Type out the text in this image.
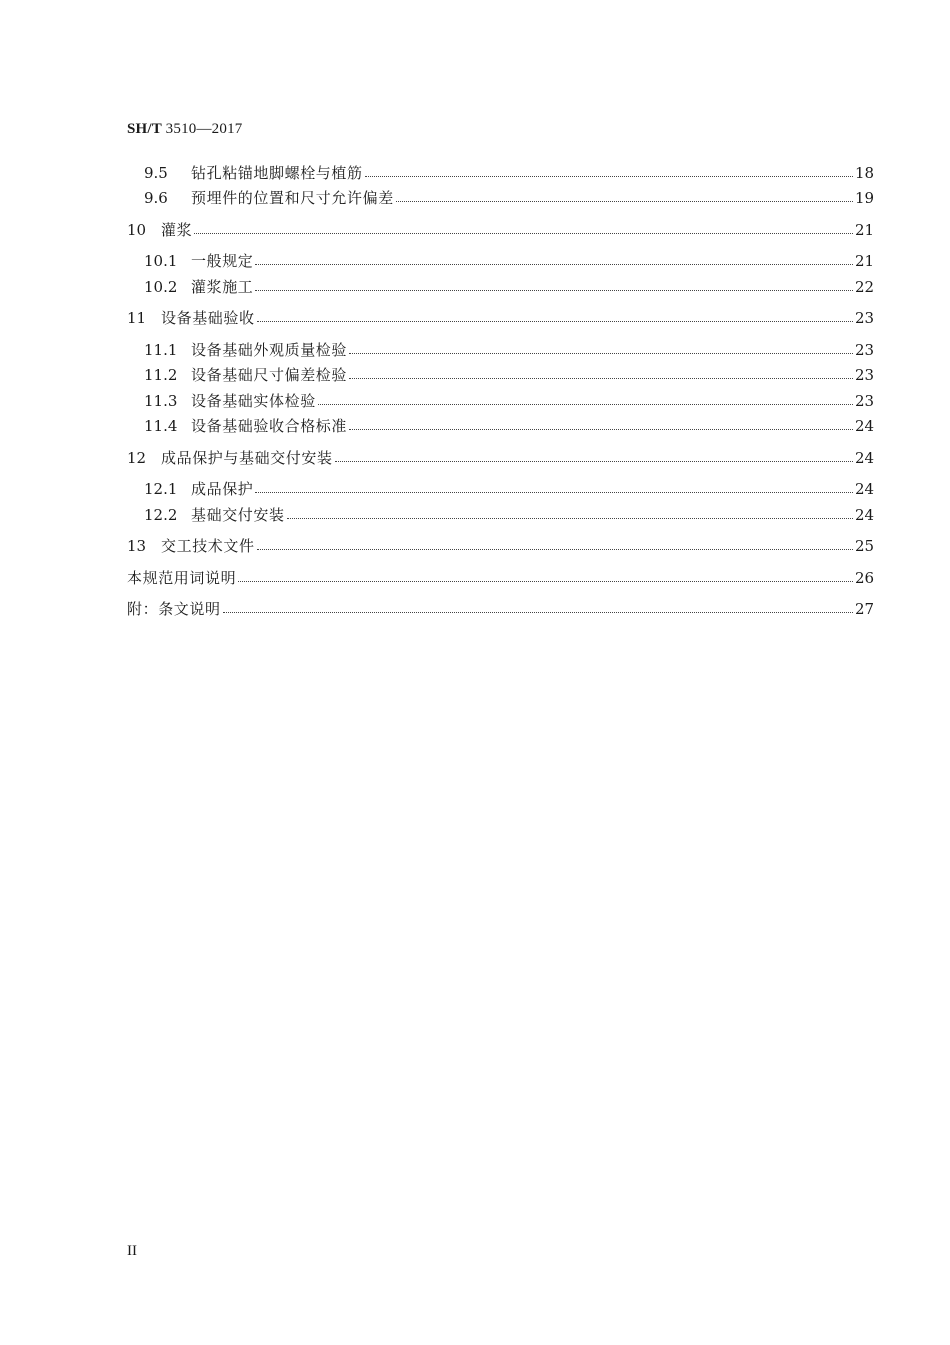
SH/T 3510—2017
9.5	钻孔粘锚地脚螺栓与植筋	18
9.6	预埋件的位置和尺寸允许偏差	19
10 灌浆	21
10.1 一般规定	21
10.2 灌浆施工	22
11 设备基础验收	23
11.1 设备基础外观质量检验	23
11.2 设备基础尺寸偏差检验	23
11.3 设备基础实体检验	23
11.4 设备基础验收合格标准	24
12 成品保护与基础交付安装	24
12.1 成品保护	24
12.2 基础交付安装	24
13 交工技术文件	25
本规范用词说明	26
附：条文说明	27
II
